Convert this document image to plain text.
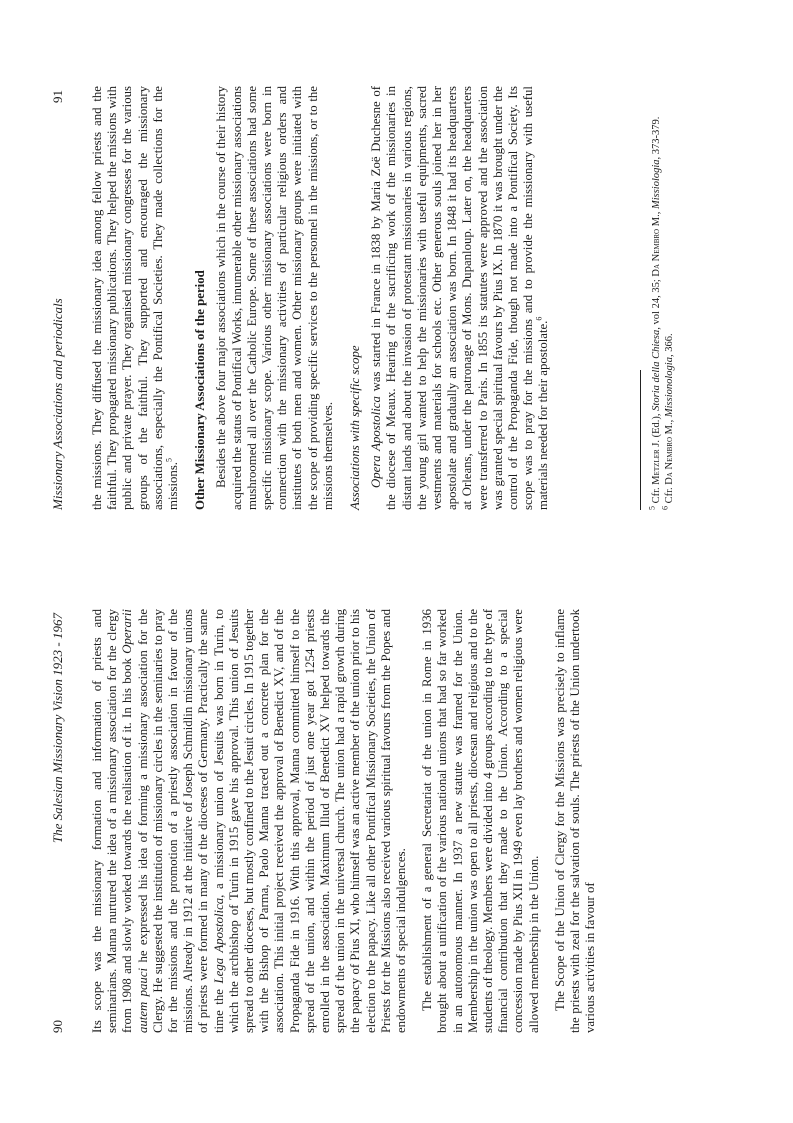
90
The Salesian Missionary Vision 1923 - 1967 Its scope was the missionary formation and information of priests and seminarians. Manna nurtured the idea of a missionary association for the clergy from 1908 and slowly worked towards the realisation of it. In his book Operarii autem pauci he expressed his idea of forming a missionary association for the Clergy. He suggested the institution of missionary circles in the seminaries to pray for the missions and the promotion of a priestly association in favour of the missions. Already in 1912 at the initiative of Joseph Schmidlin missionary unions of priests were formed in many of the dioceses of Germany. Practically the same time the Lega Apostolica, a missionary union of Jesuits was born in Turin, to which the archbishop of Turin in 1915 gave his approval. This union of Jesuits spread to other dioceses, but mostly confined to the Jesuit circles. In 1915 together with the Bishop of Parma, Paolo Manna traced out a concrete plan for the association. This initial project received the approval of Benedict XV, and of the Propaganda Fide in 1916. With this approval, Manna committed himself to the spread of the union, and within the period of just one year got 1254 priests enrolled in the association. Maximum Illud of Benedict XV helped towards the spread of the union in the universal church. The union had a rapid growth during the papacy of Pius XI, who himself was an active member of the union prior to his election to the papacy. Like all other Pontifical Missionary Societies, the Union of Priests for the Missions also received various spiritual favours from the Popes and endowments of special indulgences. The establishment of a general Secretariat of the union in Rome in 1936 brought about a unification of the various national unions that had so far worked in an autonomous manner. In 1937 a new statute was framed for the Union. Membership in the union was open to all priests, diocesan and religious and to the students of theology. Members were divided into 4 groups according to the type of financial contribution that they made to the Union. According to a special concession made by Pius XII in 1949 even lay brothers and women religious were allowed membership in the Union. The Scope of the Union of Clergy for the Missions was precisely to inflame the priests with zeal for the salvation of souls. The priests of the Union undertook various activities in favour of

Missionary Associations and periodicals
91 the missions. They diffused the missionary idea among fellow priests and the faithful. They propagated missionary publications. They helped the missions with public and private prayer. They organised missionary congresses for the various groups of the faithful. They supported and encouraged the missionary associations, especially the Pontifical Societies. They made collections for the missions.$^5$	Other Missionary Associations of the period Besides the above four major associations which in the course of their history acquired the status of Pontifical Works, innumerable other missionary associations mushroomed all over the Catholic Europe. Some of these associations had some specific missionary scope. Various other missionary associations were born in connection with the missionary activities of particular religious orders and institutes of both men and women. Other missionary groups were initiated with the scope of providing specific services to the personnel in the missions, or to the missions themselves. Associations with specific scope Opera Apostolica was started in France in 1838 by Maria Zoë Duchesne of the diocese of Meaux. Hearing of the sacrificing work of the missionaries in distant lands and about the invasion of protestant missionaries in various regions, the young girl wanted to help the missionaries with useful equipments, sacred vestments and materials for schools etc. Other generous souls joined her in her apostolate and gradually an association was born. In 1848 it had its headquarters at Orleans, under the patronage of Mons. Dupanloup. Later on, the headquarters were transferred to Paris. In 1855 its statutes were approved and the association was granted special spiritual favours by Pius IX. In 1870 it was brought under the control of the Propaganda Fide, though not made into a Pontifical Society. Its scope was to pray for the missions and to provide the missionary with useful materials needed for their apostolate.$^6$

$^5$ Cfr. Metzler J. (Ed.), Storia della Chiesa, vol 24, 35; Da Nembro M., Missiologia, 373-379.

$^6$ Cfr. Da Nembro M., Missionologia, 366.
